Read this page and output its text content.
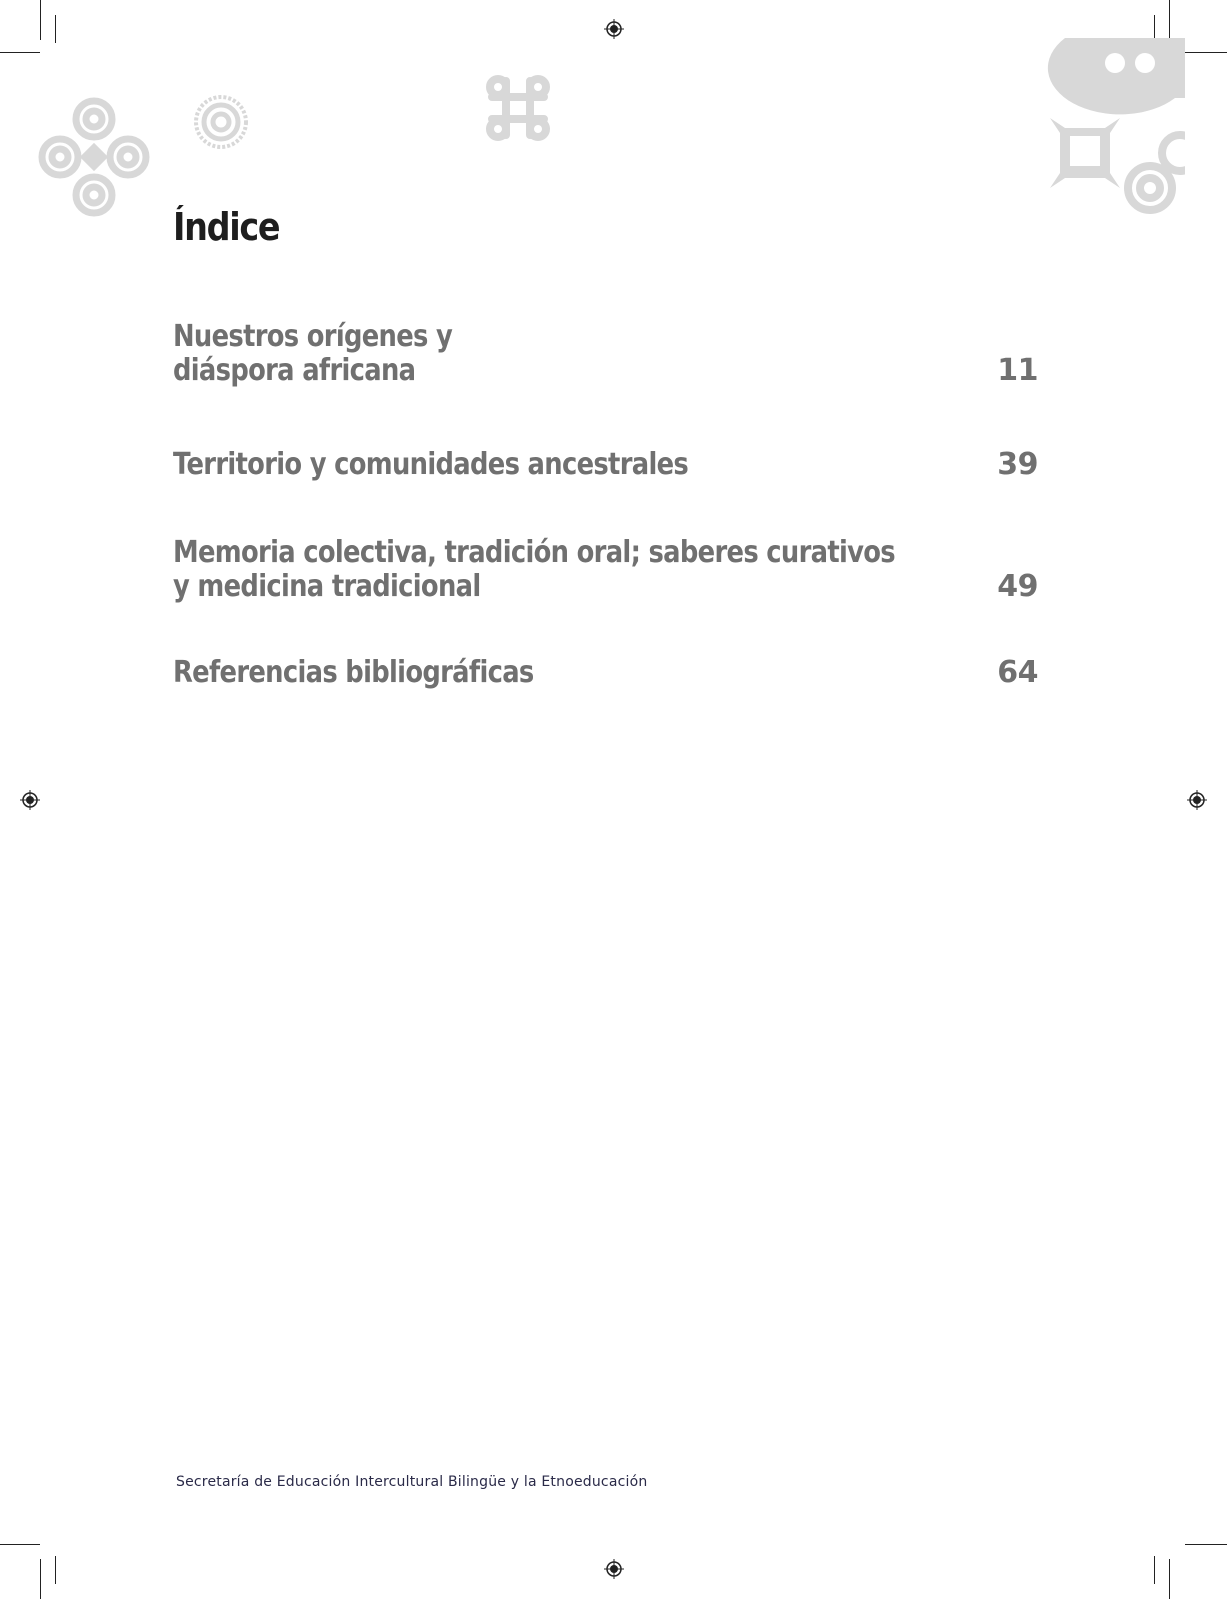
Índice
Nuestros orígenes y
diáspora africana	11
Territorio y comunidades ancestrales	39
Memoria colectiva, tradición oral; saberes curativos
y medicina tradicional	49
Referencias bibliográficas	64
Secretaría de Educación Intercultural Bilingüe y la Etnoeducación
